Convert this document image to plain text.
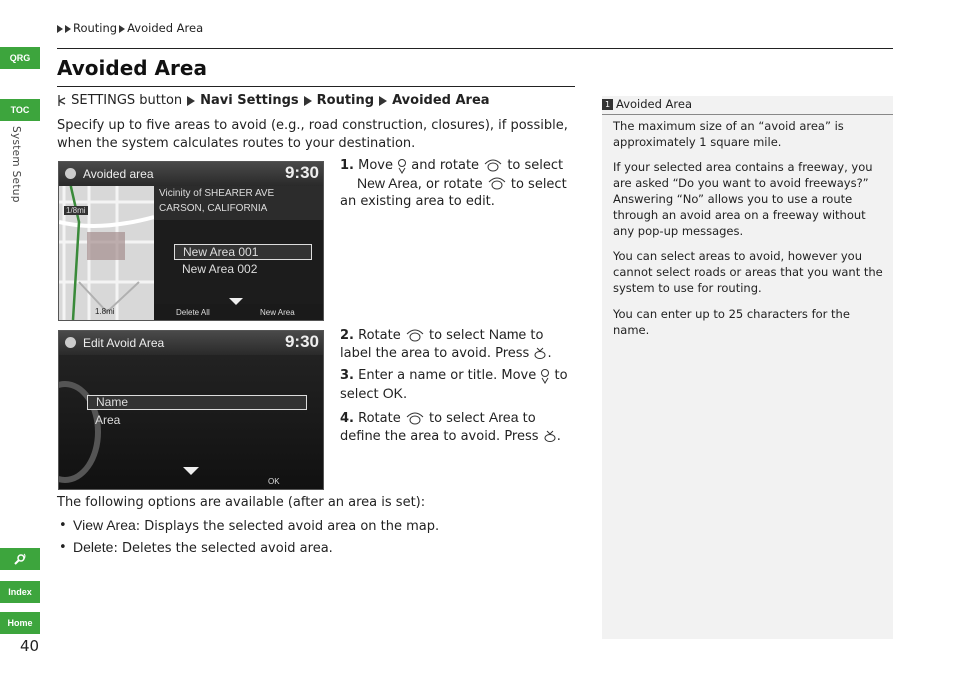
QRG
TOC
System Setup
Index
Home
40
Routing Avoided Area
Avoided Area
SETTINGS button Navi Settings Routing Avoided Area
Specify up to five areas to avoid (e.g., road construction, closures), if possible, when the system calculates routes to your destination.
Avoided area	9:30
Vicinity of SHEARER AVE
CARSON, CALIFORNIA
New Area 001
New Area 002
Delete All	New Area
1/8mi
1.8mi
Edit Avoid Area	9:30
Name
Area
OK
1. Move and rotate to select
New Area, or rotate to select an existing area to edit.
2. Rotate to select Name to label the area to avoid. Press .
3. Enter a name or title. Move to select OK.
4. Rotate to select Area to define the area to avoid. Press .
The following options are available (after an area is set):
• View Area: Displays the selected avoid area on the map.
• Delete: Deletes the selected avoid area.
1 Avoided Area
The maximum size of an “avoid area” is approximately 1 square mile.
If your selected area contains a freeway, you are asked “Do you want to avoid freeways?” Answering “No” allows you to use a route through an avoid area on a freeway without any pop-up messages.
You can select areas to avoid, however you cannot select roads or areas that you want the system to use for routing.
You can enter up to 25 characters for the name.
